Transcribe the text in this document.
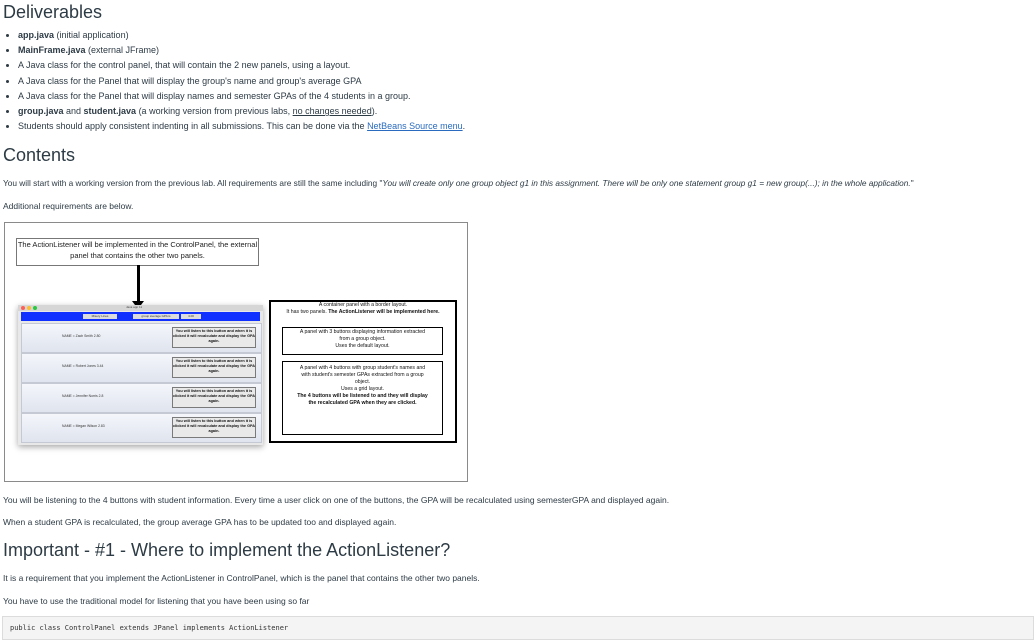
Deliverables
• app.java (initial application)
• MainFrame.java (external JFrame)
• A Java class for the control panel, that will contain the 2 new panels, using a layout.
• A Java class for the Panel that will display the group's name and group's average GPA
• A Java class for the Panel that will display names and semester GPAs of the 4 students in a group.
• group.java and student.java (a working version from previous labs, no changes needed).
• Students should apply consistent indenting in all submissions. This can be done via the NetBeans Source menu.
Contents

You will start with a working version from the previous lab. All requirements are still the same including "You will create only one group object g1 in this assignment. There will be only one statement group g1 = new group(...); in the whole application."

Additional requirements are below.

The ActionListener will be implemented in the ControlPanel, the external panel that contains the other two panels.
Java app 11
Misery Lines	group average GPA is	4.00
NAME = Zach Smith 2.80
You will listen to this button and when it is clicked it will recalculate and display the GPA again.
NAME = Robert Jones 3.44
You will listen to this button and when it is clicked it will recalculate and display the GPA again.
NAME = Jennifer Norris 2.8
You will listen to this button and when it is clicked it will recalculate and display the GPA again.
NAME = Megan Wilson 2.83
You will listen to this button and when it is clicked it will recalculate and display the GPA again.
A container panel with a border layout.
It has two panels. The ActionListener will be implemented here.
A panel with 3 buttons displaying information extracted
from a group object.
Uses the default layout.
A panel with 4 buttons with group student's names and
with student's semester GPAs extracted from a group
object.
Uses a grid layout.
The 4 buttons will be listened to and they will display
the recalculated GPA when they are clicked.

You will be listening to the 4 buttons with student information. Every time a user click on one of the buttons, the GPA will be recalculated using semesterGPA and displayed again.

When a student GPA is recalculated, the group average GPA has to be updated too and displayed again.

Important - #1 - Where to implement the ActionListener?

It is a requirement that you implement the ActionListener in ControlPanel, which is the panel that contains the other two panels.

You have to use the traditional model for listening that you have been using so far

public class ControlPanel extends JPanel implements ActionListener
